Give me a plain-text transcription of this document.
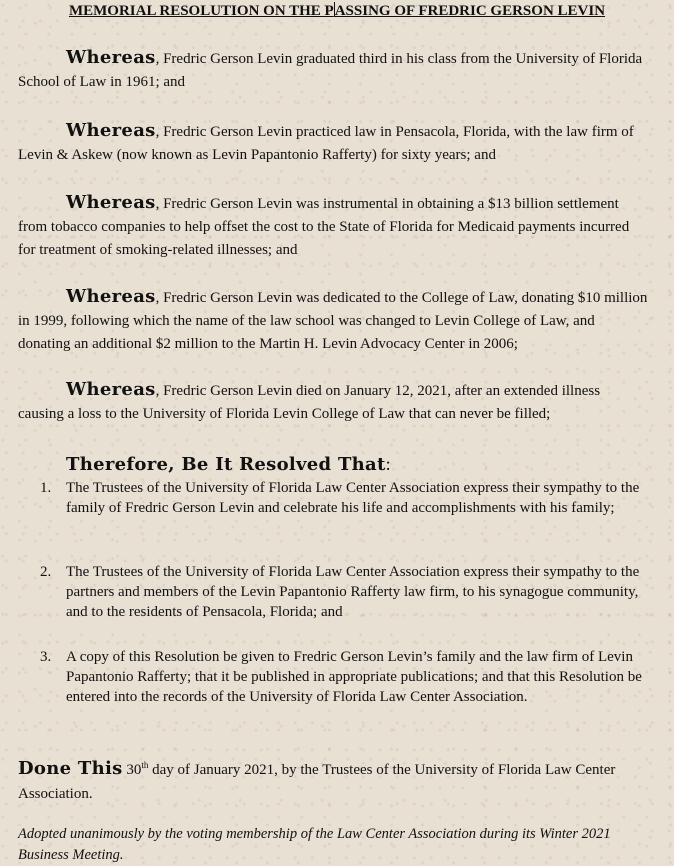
MEMORIAL RESOLUTION ON THE PASSING OF FREDRIC GERSON LEVIN
Whereas, Fredric Gerson Levin graduated third in his class from the University of Florida School of Law in 1961; and
Whereas, Fredric Gerson Levin practiced law in Pensacola, Florida, with the law firm of Levin & Askew (now known as Levin Papantonio Rafferty) for sixty years; and
Whereas, Fredric Gerson Levin was instrumental in obtaining a $13 billion settlement from tobacco companies to help offset the cost to the State of Florida for Medicaid payments incurred for treatment of smoking-related illnesses; and
Whereas, Fredric Gerson Levin was dedicated to the College of Law, donating $10 million in 1999, following which the name of the law school was changed to Levin College of Law, and donating an additional $2 million to the Martin H. Levin Advocacy Center in 2006;
Whereas, Fredric Gerson Levin died on January 12, 2021, after an extended illness causing a loss to the University of Florida Levin College of Law that can never be filled;
Therefore, Be It Resolved That:
1. The Trustees of the University of Florida Law Center Association express their sympathy to the family of Fredric Gerson Levin and celebrate his life and accomplishments with his family;
2. The Trustees of the University of Florida Law Center Association express their sympathy to the partners and members of the Levin Papantonio Rafferty law firm, to his synagogue community, and to the residents of Pensacola, Florida; and
3. A copy of this Resolution be given to Fredric Gerson Levin’s family and the law firm of Levin Papantonio Rafferty; that it be published in appropriate publications; and that this Resolution be entered into the records of the University of Florida Law Center Association.
Done This 30th day of January 2021, by the Trustees of the University of Florida Law Center Association.
Adopted unanimously by the voting membership of the Law Center Association during its Winter 2021 Business Meeting.
